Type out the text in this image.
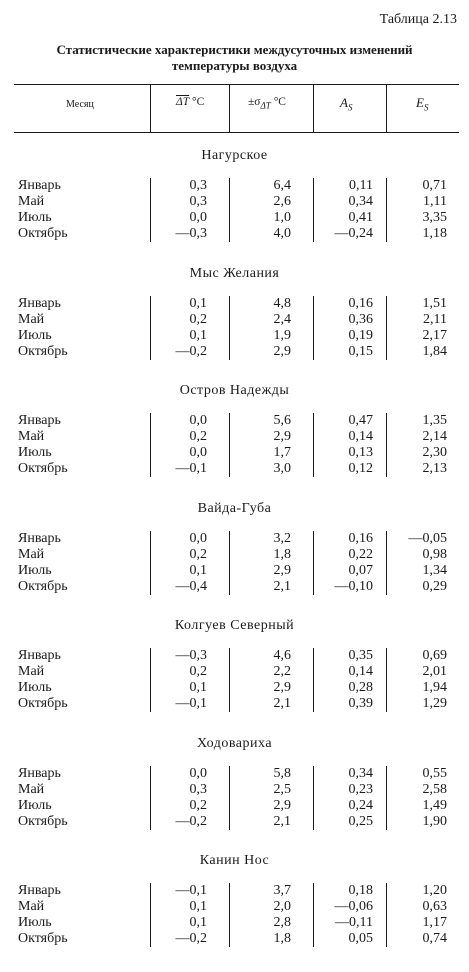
Таблица 2.13
Статистические характеристики междусуточных изменений
температуры воздуха
Месяц	$\overline{\Delta T}$ °C	$\pm\sigma_{\Delta T}$ °C	$A_S$	$E_S$
Нагурское
Январь	0,3	6,4	0,11	0,71
Май	0,3	2,6	0,34	1,11
Июль	0,0	1,0	0,41	3,35
Октябрь	—0,3	4,0	—0,24	1,18
Мыс Желания
Январь	0,1	4,8	0,16	1,51
Май	0,2	2,4	0,36	2,11
Июль	0,1	1,9	0,19	2,17
Октябрь	—0,2	2,9	0,15	1,84
Остров Надежды
Январь	0,0	5,6	0,47	1,35
Май	0,2	2,9	0,14	2,14
Июль	0,0	1,7	0,13	2,30
Октябрь	—0,1	3,0	0,12	2,13
Вайда-Губа
Январь	0,0	3,2	0,16	—0,05
Май	0,2	1,8	0,22	0,98
Июль	0,1	2,9	0,07	1,34
Октябрь	—0,4	2,1	—0,10	0,29
Колгуев Северный
Январь	—0,3	4,6	0,35	0,69
Май	0,2	2,2	0,14	2,01
Июль	0,1	2,9	0,28	1,94
Октябрь	—0,1	2,1	0,39	1,29
Ходовариха
Январь	0,0	5,8	0,34	0,55
Май	0,3	2,5	0,23	2,58
Июль	0,2	2,9	0,24	1,49
Октябрь	—0,2	2,1	0,25	1,90
Канин Нос
Январь	—0,1	3,7	0,18	1,20
Май	0,1	2,0	—0,06	0,63
Июль	0,1	2,8	—0,11	1,17
Октябрь	—0,2	1,8	0,05	0,74
